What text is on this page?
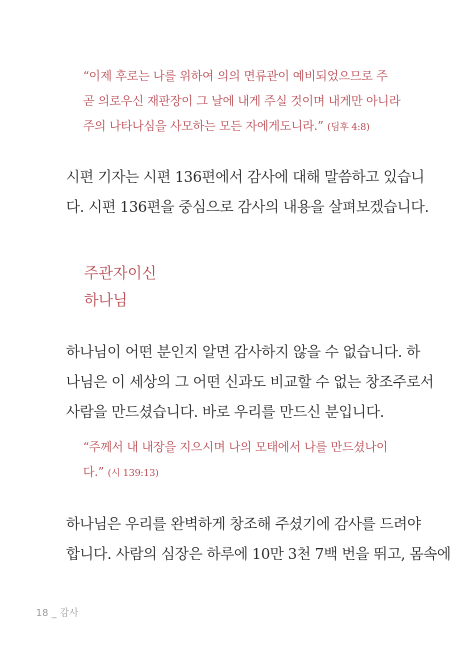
“이제 후로는 나를 위하여 의의 면류관이 예비되었으므로 주
곧 의로우신 재판장이 그 날에 내게 주실 것이며 내게만 아니라
주의 나타나심을 사모하는 모든 자에게도니라.” (딤후 4:8)
시편 기자는 시편 136편에서 감사에 대해 말씀하고 있습니
다. 시편 136편을 중심으로 감사의 내용을 살펴보겠습니다.
주관자이신
하나님
하나님이 어떤 분인지 알면 감사하지 않을 수 없습니다. 하
나님은 이 세상의 그 어떤 신과도 비교할 수 없는 창조주로서
사람을 만드셨습니다. 바로 우리를 만드신 분입니다.
“주께서 내 내장을 지으시며 나의 모태에서 나를 만드셨나이
다.” (시 139:13)
하나님은 우리를 완벽하게 창조해 주셨기에 감사를 드려야
합니다. 사람의 심장은 하루에 10만 3천 7백 번을 뛰고, 몸속에
18 _ 감사
